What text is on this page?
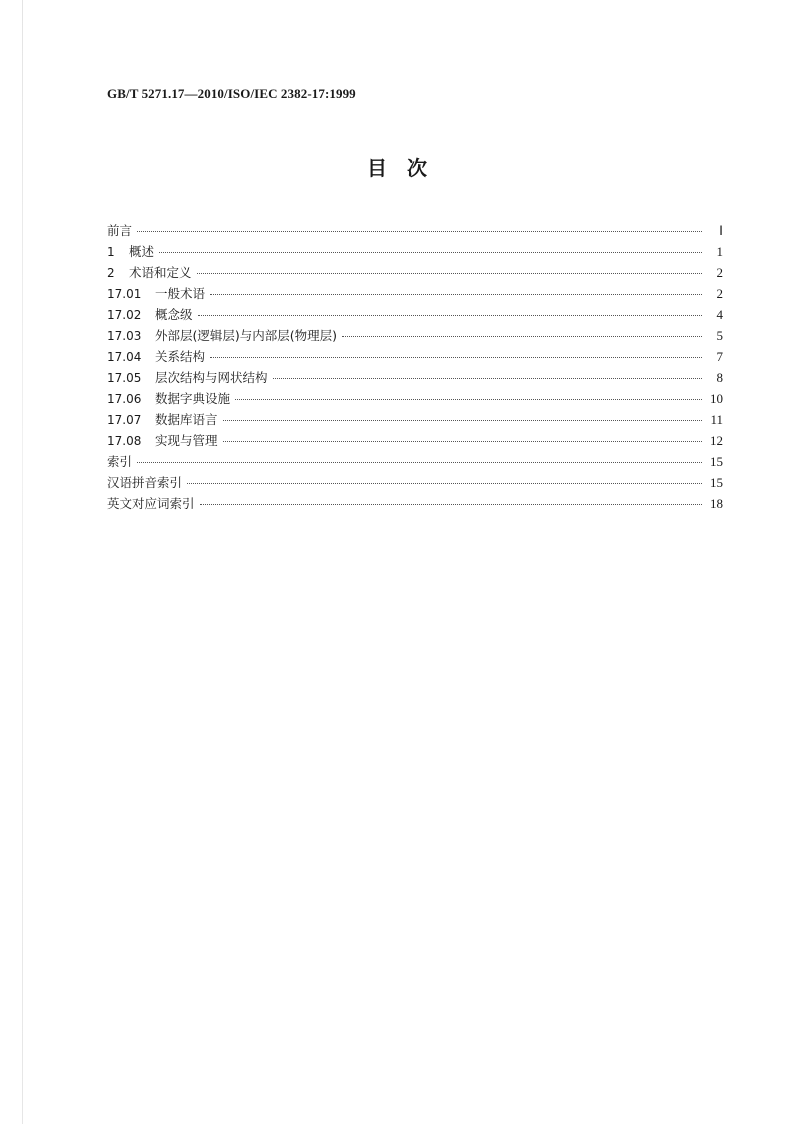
GB/T 5271.17—2010/ISO/IEC 2382-17:1999
目　次
前言	Ⅰ
1	概述	1
2	术语和定义	2
17.01	一般术语	2
17.02	概念级	4
17.03	外部层(逻辑层)与内部层(物理层)	5
17.04	关系结构	7
17.05	层次结构与网状结构	8
17.06	数据字典设施	10
17.07	数据库语言	11
17.08	实现与管理	12
索引	15
汉语拼音索引	15
英文对应词索引	18
